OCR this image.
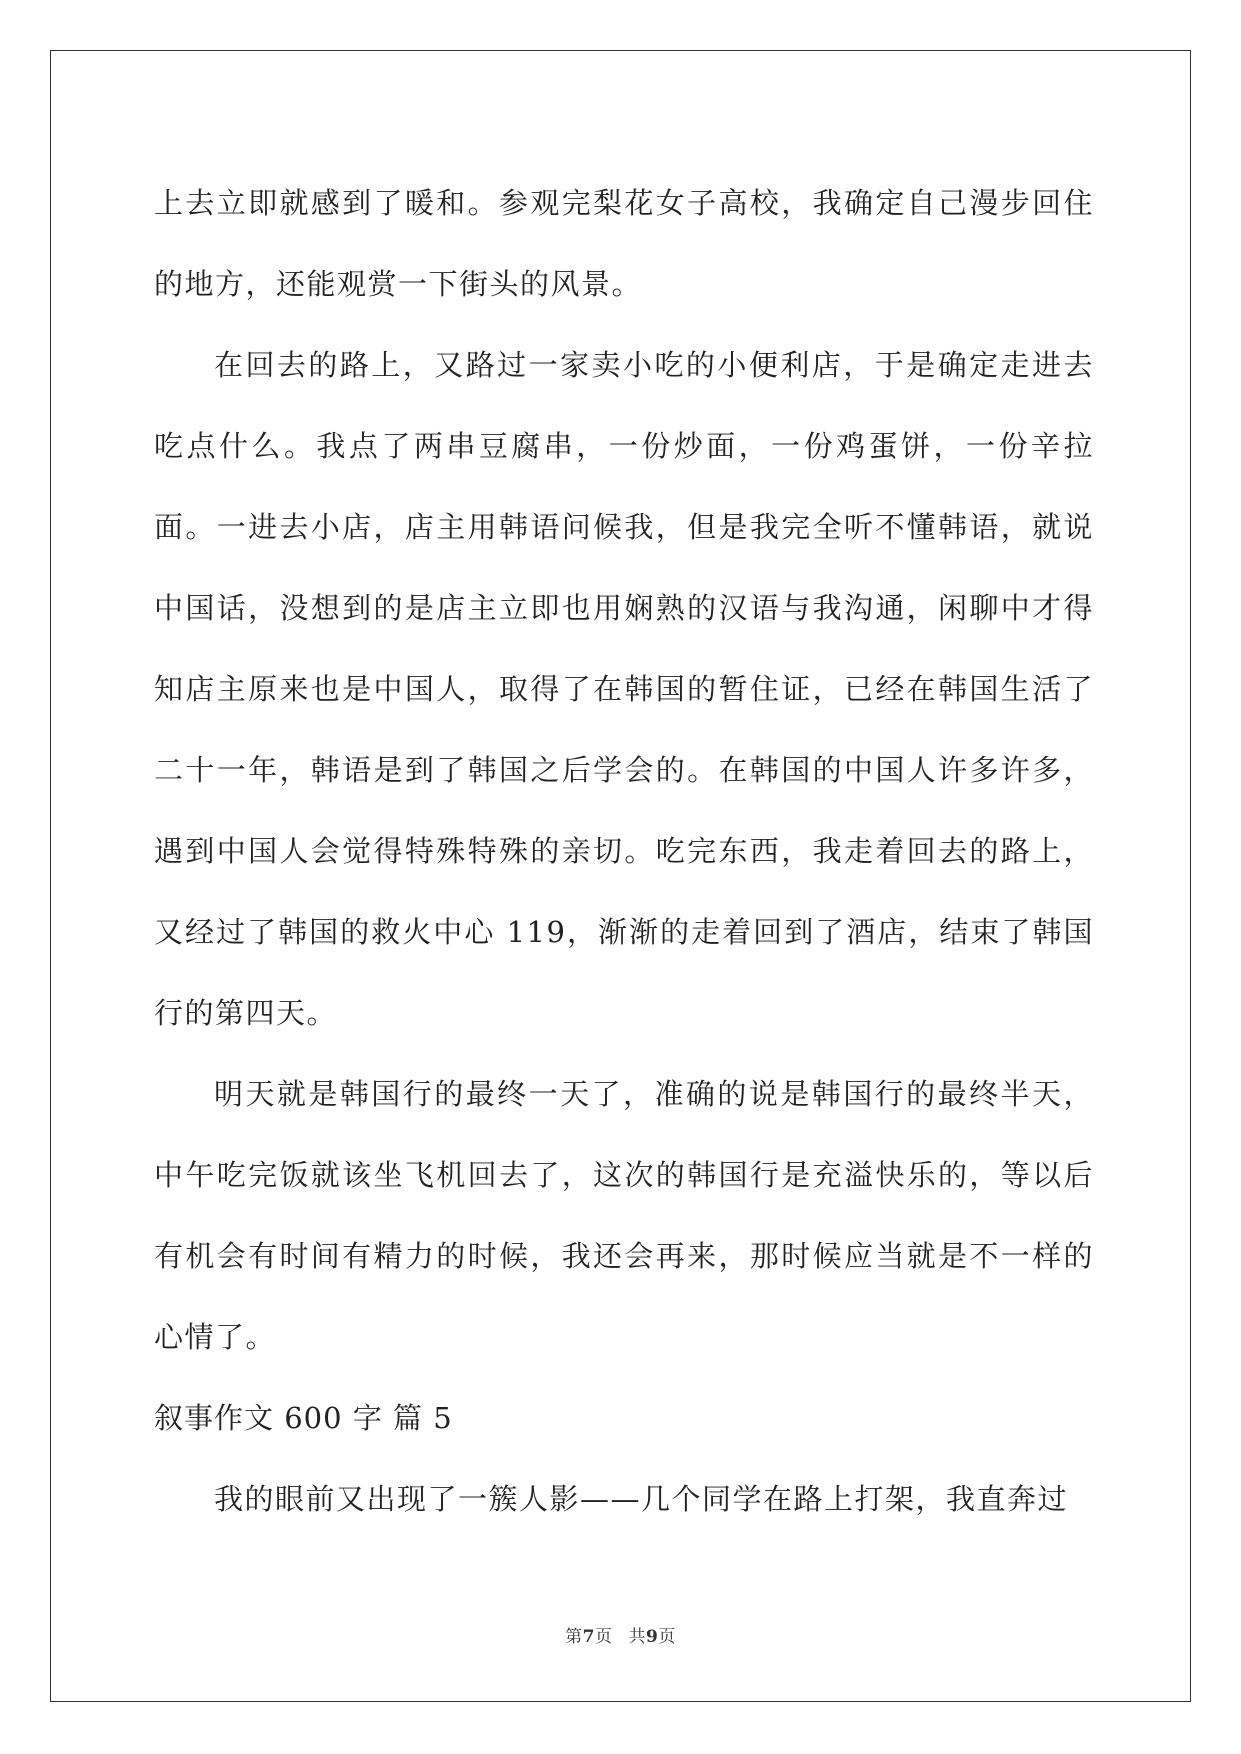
上去立即就感到了暖和。参观完梨花女子高校，我确定自己漫步回住的地方，还能观赏一下街头的风景。

在回去的路上，又路过一家卖小吃的小便利店，于是确定走进去吃点什么。我点了两串豆腐串，一份炒面，一份鸡蛋饼，一份辛拉面。一进去小店，店主用韩语问候我，但是我完全听不懂韩语，就说中国话，没想到的是店主立即也用娴熟的汉语与我沟通，闲聊中才得知店主原来也是中国人，取得了在韩国的暂住证，已经在韩国生活了二十一年，韩语是到了韩国之后学会的。在韩国的中国人许多许多，遇到中国人会觉得特殊特殊的亲切。吃完东西，我走着回去的路上，又经过了韩国的救火中心 119，渐渐的走着回到了酒店，结束了韩国行的第四天。

明天就是韩国行的最终一天了，准确的说是韩国行的最终半天，中午吃完饭就该坐飞机回去了，这次的韩国行是充溢快乐的，等以后有机会有时间有精力的时候，我还会再来，那时候应当就是不一样的心情了。

叙事作文 600 字 篇 5

我的眼前又出现了一簇人影——几个同学在路上打架，我直奔过

第7页 共9页
